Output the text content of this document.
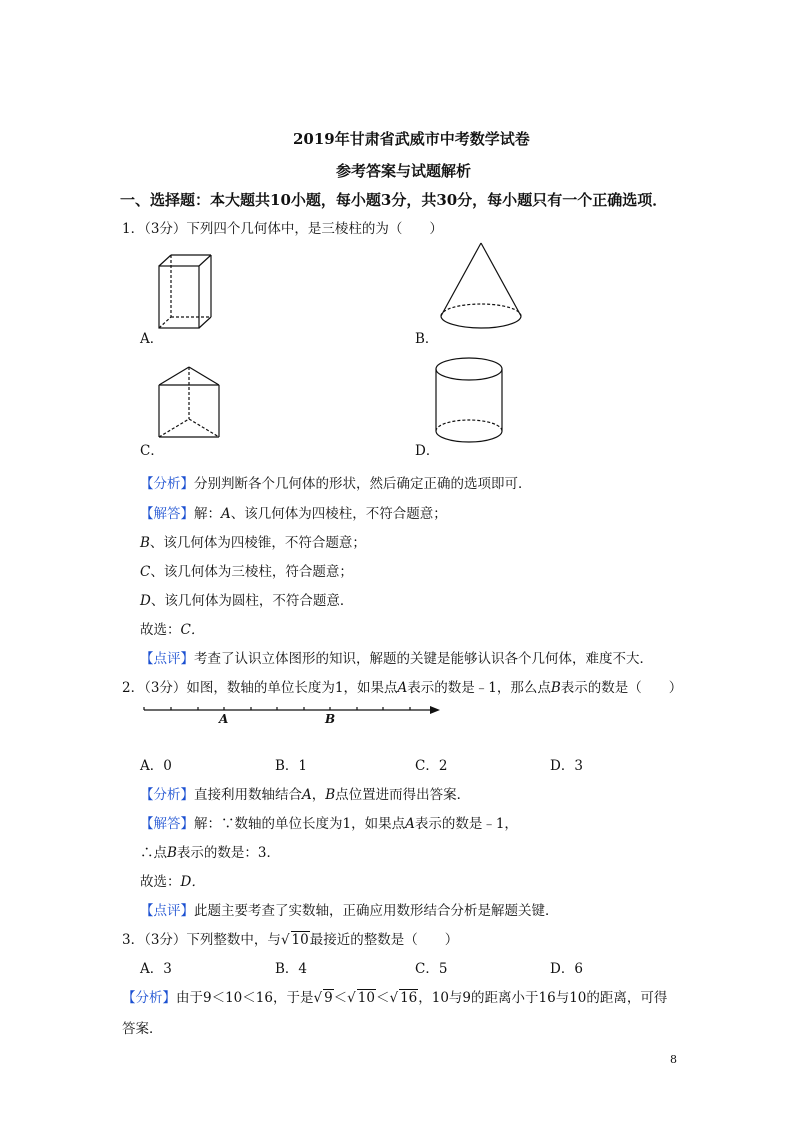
2019年甘肃省武威市中考数学试卷
参考答案与试题解析
一、选择题：本大题共10小题，每小题3分，共30分，每小题只有一个正确选项．
1．（3分）下列四个几何体中，是三棱柱的为（　　）
A．	B．
C．	D．
【分析】分别判断各个几何体的形状，然后确定正确的选项即可．
【解答】解：A、该几何体为四棱柱，不符合题意；
B、该几何体为四棱锥，不符合题意；
C、该几何体为三棱柱，符合题意；
D、该几何体为圆柱，不符合题意．
故选：C．
【点评】考查了认识立体图形的知识，解题的关键是能够认识各个几何体，难度不大．
2．（3分）如图，数轴的单位长度为1，如果点A表示的数是﹣1，那么点B表示的数是（　　）
A	B
A．0	B．1	C．2	D．3
【分析】直接利用数轴结合A，B点位置进而得出答案．
【解答】解：∵数轴的单位长度为1，如果点A表示的数是﹣1，
∴点B表示的数是：3．
故选：D．
【点评】此题主要考查了实数轴，正确应用数形结合分析是解题关键．
3．（3分）下列整数中，与√ 10最接近的整数是（　　）
A．3	B．4	C．5	D．6
【分析】由于9＜10＜16，于是√ 9＜√ 10＜√ 16，10与9的距离小于16与10的距离，可得
答案．
8
